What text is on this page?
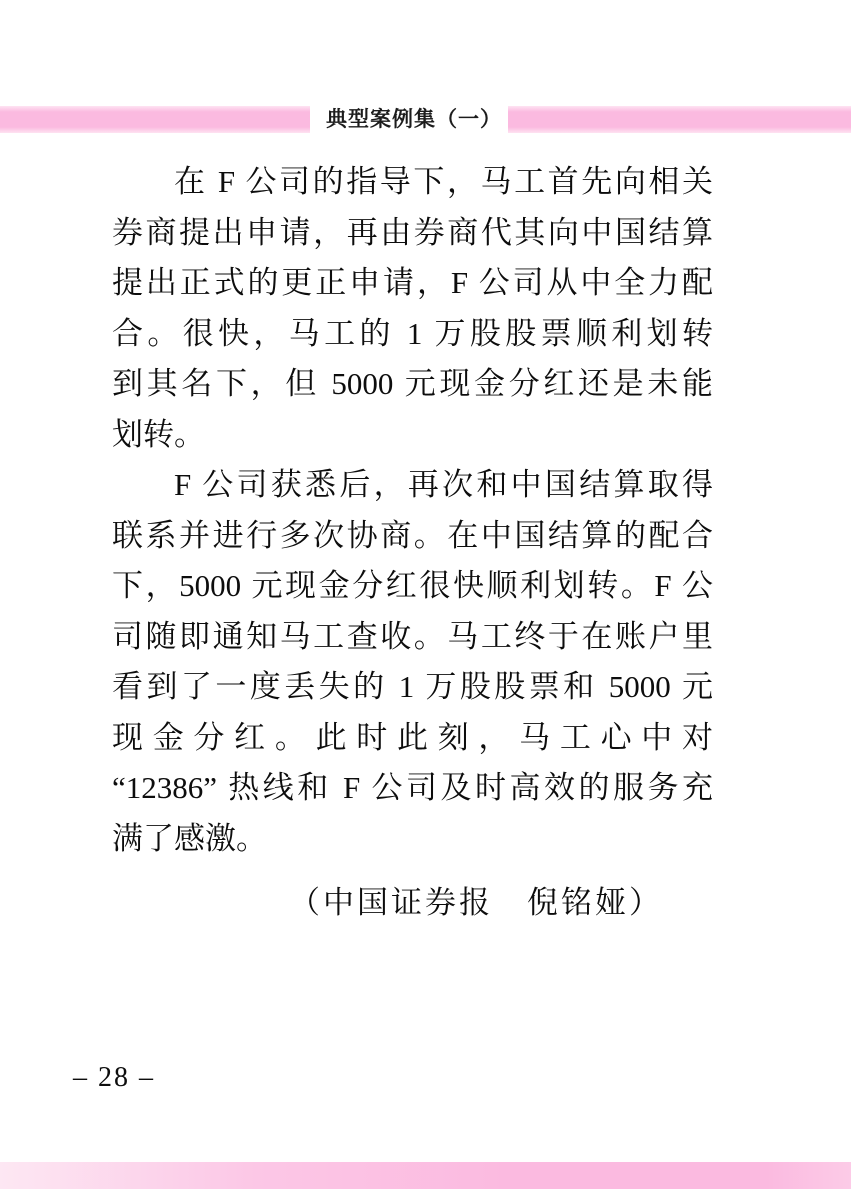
典型案例集（一）
在 F 公司的指导下，马工首先向相关
券商提出申请，再由券商代其向中国结算
提出正式的更正申请，F 公司从中全力配
合。很快，马工的 1 万股股票顺利划转
到其名下，但 5000 元现金分红还是未能
划转。
F 公司获悉后，再次和中国结算取得
联系并进行多次协商。在中国结算的配合
下，5000 元现金分红很快顺利划转。F 公
司随即通知马工查收。马工终于在账户里
看到了一度丢失的 1 万股股票和 5000 元
现金分红。此时此刻，马工心中对
“12386” 热线和 F 公司及时高效的服务充
满了感激。
（中国证券报　倪铭娅）
– 28 –
